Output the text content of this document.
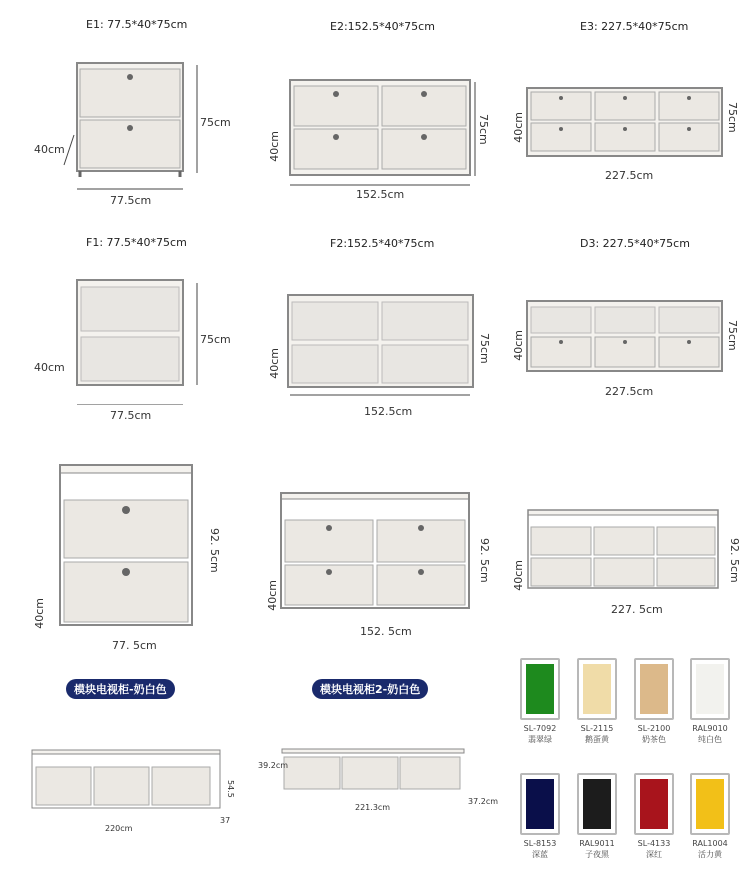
E1: 77.5*40*75cm
75cm
77.5cm
40cm
E2:152.5*40*75cm
75cm
152.5cm
40cm
E3: 227.5*40*75cm
75cm
227.5cm
40cm
F1: 77.5*40*75cm
75cm
77.5cm
40cm
F2:152.5*40*75cm
75cm
152.5cm
40cm
D3: 227.5*40*75cm
75cm
227.5cm
40cm
92. 5cm
77. 5cm
40cm
92. 5cm
152. 5cm
40cm
92. 5cm
227. 5cm
40cm
模块电视柜-奶白色	模块电视柜2-奶白色
220cm
54.5
37
39.2cm
221.3cm
37.2cm
SL-7092
翡翠绿
SL-2115
鹅蛋黄
SL-2100
奶茶色
RAL9010
纯白色
SL-8153
深蓝
RAL9011
子夜黑
SL-4133
深红
RAL1004
活力黄
